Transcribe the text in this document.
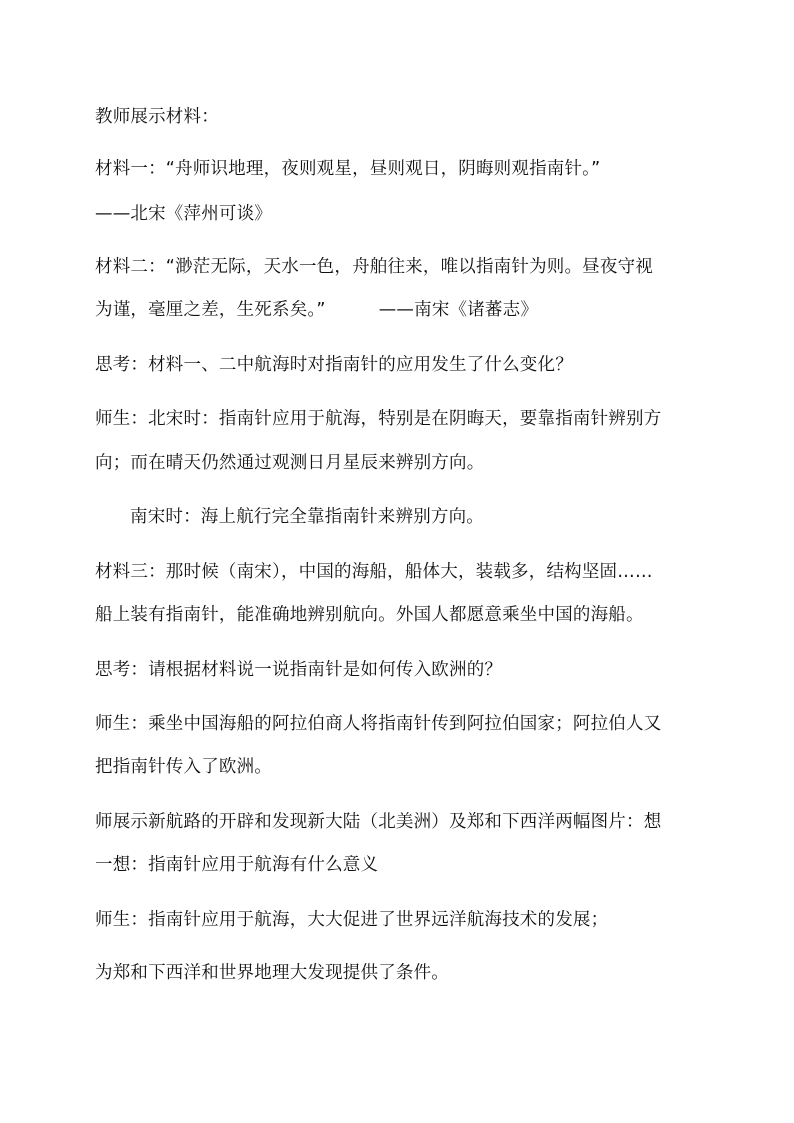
教师展示材料：
材料一：“舟师识地理，夜则观星，昼则观日，阴晦则观指南针。”
——北宋《萍州可谈》
材料二：“渺茫无际，天水一色，舟舶往来，唯以指南针为则。昼夜守视
为谨，毫厘之差，生死系矣。”　　　——南宋《诸蕃志》
思考：材料一、二中航海时对指南针的应用发生了什么变化？
师生：北宋时：指南针应用于航海，特别是在阴晦天，要靠指南针辨别方
向；而在晴天仍然通过观测日月星辰来辨别方向。
南宋时：海上航行完全靠指南针来辨别方向。
材料三：那时候（南宋），中国的海船，船体大，装载多，结构坚固……
船上装有指南针，能准确地辨别航向。外国人都愿意乘坐中国的海船。
思考：请根据材料说一说指南针是如何传入欧洲的？
师生：乘坐中国海船的阿拉伯商人将指南针传到阿拉伯国家；阿拉伯人又
把指南针传入了欧洲。
师展示新航路的开辟和发现新大陆（北美洲）及郑和下西洋两幅图片：想
一想：指南针应用于航海有什么意义
师生：指南针应用于航海，大大促进了世界远洋航海技术的发展；
为郑和下西洋和世界地理大发现提供了条件。
